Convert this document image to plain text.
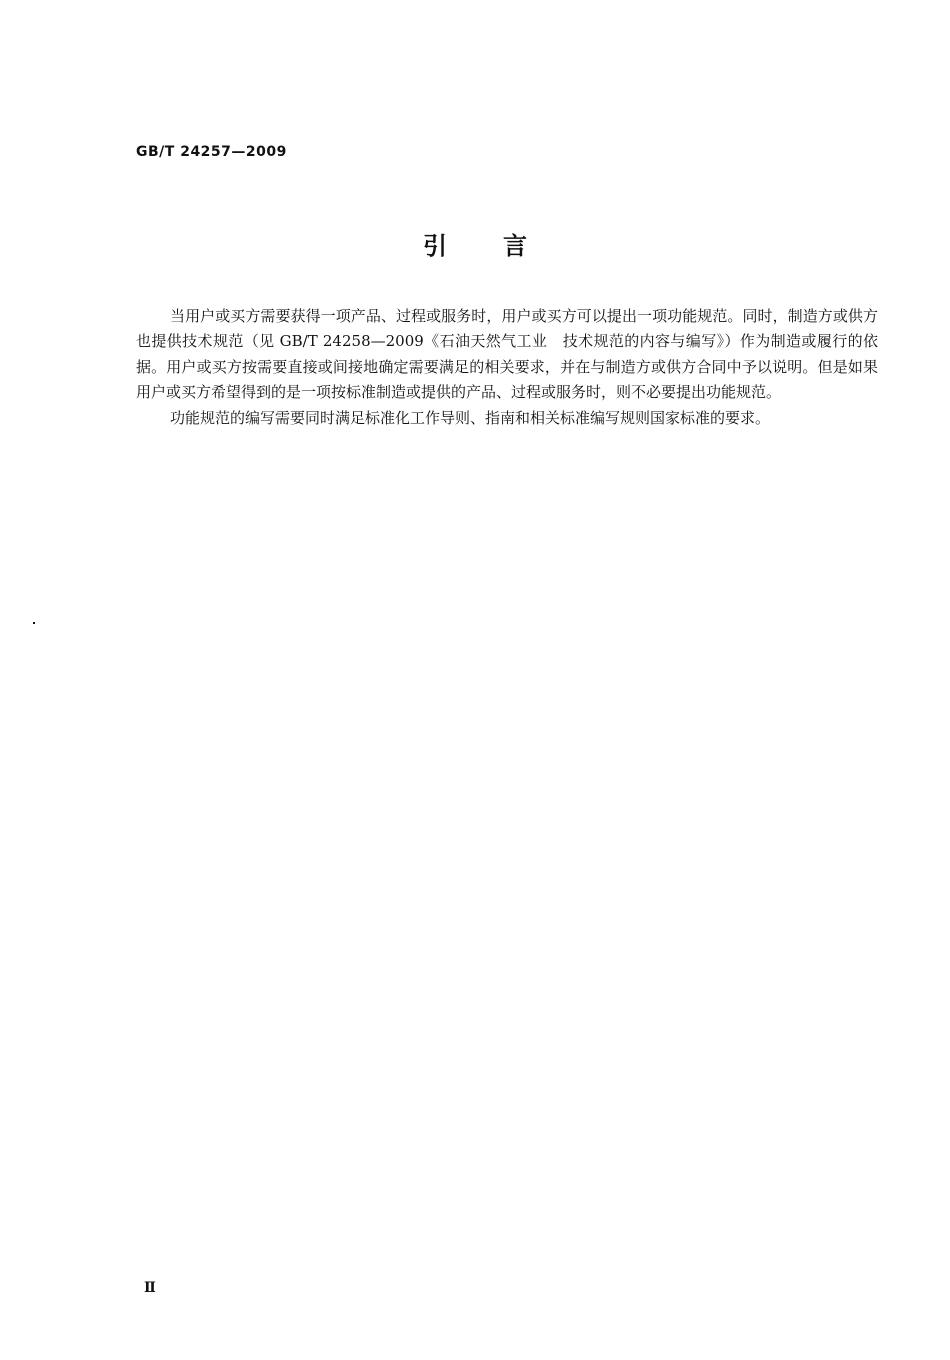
GB/T 24257—2009
引言

当用户或买方需要获得一项产品、过程或服务时，用户或买方可以提出一项功能规范。同时，制造方或供方也提供技术规范（见 GB/T 24258—2009《石油天然气工业　技术规范的内容与编写》）作为制造或履行的依据。用户或买方按需要直接或间接地确定需要满足的相关要求，并在与制造方或供方合同中予以说明。但是如果用户或买方希望得到的是一项按标准制造或提供的产品、过程或服务时，则不必要提出功能规范。

功能规范的编写需要同时满足标准化工作导则、指南和相关标准编写规则国家标准的要求。

Ⅱ
